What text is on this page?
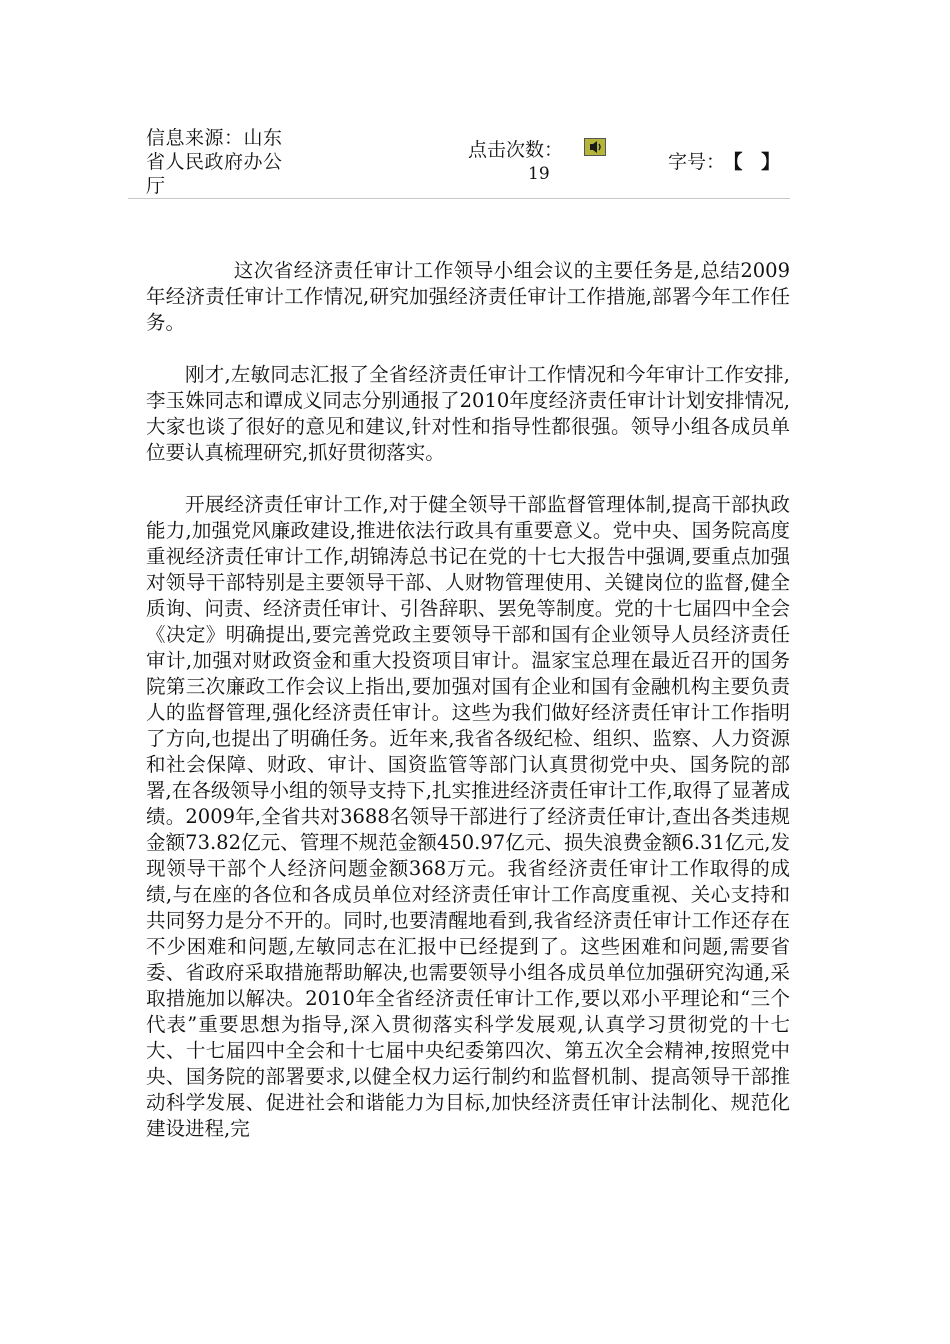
信息来源：山东省人民政府办公厅
点击次数：
19
字号： 【 】

这次省经济责任审计工作领导小组会议的主要任务是,总结2009年经济责任审计工作情况,研究加强经济责任审计工作措施,部署今年工作任务。

刚才,左敏同志汇报了全省经济责任审计工作情况和今年审计工作安排,李玉姝同志和谭成义同志分别通报了2010年度经济责任审计计划安排情况,大家也谈了很好的意见和建议,针对性和指导性都很强。领导小组各成员单位要认真梳理研究,抓好贯彻落实。

开展经济责任审计工作,对于健全领导干部监督管理体制,提高干部执政能力,加强党风廉政建设,推进依法行政具有重要意义。党中央、国务院高度重视经济责任审计工作,胡锦涛总书记在党的十七大报告中强调,要重点加强对领导干部特别是主要领导干部、人财物管理使用、关键岗位的监督,健全质询、问责、经济责任审计、引咎辞职、罢免等制度。党的十七届四中全会《决定》明确提出,要完善党政主要领导干部和国有企业领导人员经济责任审计,加强对财政资金和重大投资项目审计。温家宝总理在最近召开的国务院第三次廉政工作会议上指出,要加强对国有企业和国有金融机构主要负责人的监督管理,强化经济责任审计。这些为我们做好经济责任审计工作指明了方向,也提出了明确任务。近年来,我省各级纪检、组织、监察、人力资源和社会保障、财政、审计、国资监管等部门认真贯彻党中央、国务院的部署,在各级领导小组的领导支持下,扎实推进经济责任审计工作,取得了显著成绩。2009年,全省共对3688名领导干部进行了经济责任审计,查出各类违规金额73.82亿元、管理不规范金额450.97亿元、损失浪费金额6.31亿元,发现领导干部个人经济问题金额368万元。我省经济责任审计工作取得的成绩,与在座的各位和各成员单位对经济责任审计工作高度重视、关心支持和共同努力是分不开的。同时,也要清醒地看到,我省经济责任审计工作还存在不少困难和问题,左敏同志在汇报中已经提到了。这些困难和问题,需要省委、省政府采取措施帮助解决,也需要领导小组各成员单位加强研究沟通,采取措施加以解决。2010年全省经济责任审计工作,要以邓小平理论和“三个代表”重要思想为指导,深入贯彻落实科学发展观,认真学习贯彻党的十七大、十七届四中全会和十七届中央纪委第四次、第五次全会精神,按照党中央、国务院的部署要求,以健全权力运行制约和监督机制、提高领导干部推动科学发展、促进社会和谐能力为目标,加快经济责任审计法制化、规范化建设进程,完
